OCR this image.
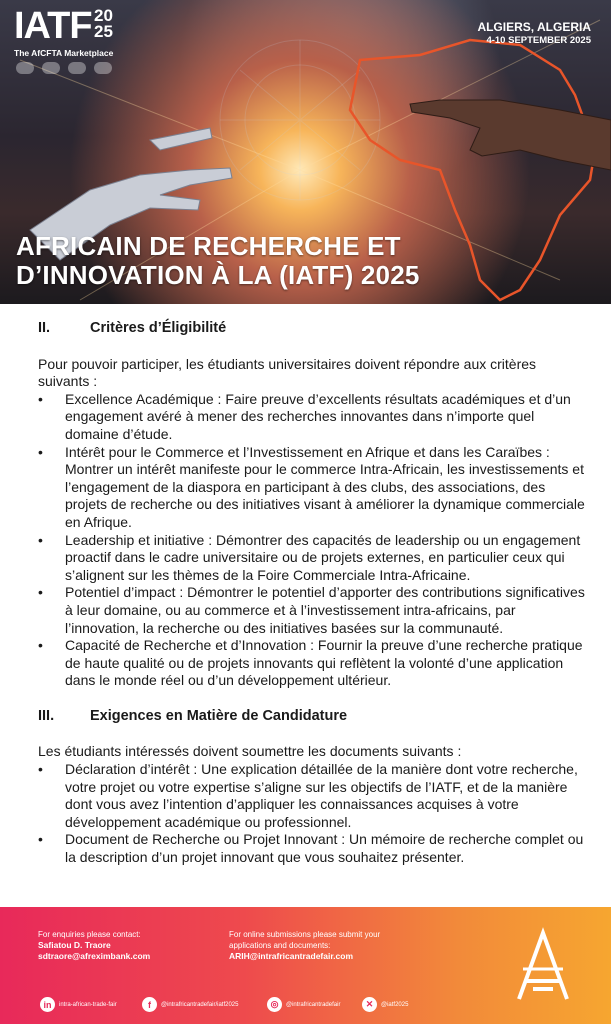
IATF 20 25
The AfCFTA Marketplace
ALGIERS, ALGERIA
4-10 SEPTEMBER 2025
AFRICAIN DE RECHERCHE ET
D’INNOVATION À LA (IATF) 2025
II.	Critères d’Éligibilité

Pour pouvoir participer, les étudiants universitaires doivent répondre aux critères suivants :

• Excellence Académique : Faire preuve d’excellents résultats académiques et d’un engagement avéré à mener des recherches innovantes dans n’importe quel domaine d’étude.
• Intérêt pour le Commerce et l’Investissement en Afrique et dans les Caraïbes : Montrer un intérêt manifeste pour le commerce Intra-Africain, les investissements et l’engagement de la diaspora en participant à des clubs, des associations, des projets de recherche ou des initiatives visant à améliorer la dynamique commerciale en Afrique.
• Leadership et initiative : Démontrer des capacités de leadership ou un engagement proactif dans le cadre universitaire ou de projets externes, en particulier ceux qui s’alignent sur les thèmes de la Foire Commerciale Intra-Africaine.
• Potentiel d’impact : Démontrer le potentiel d’apporter des contributions significatives à leur domaine, ou au commerce et à l’investissement intra-africains, par l’innovation, la recherche ou des initiatives basées sur la communauté.
• Capacité de Recherche et d’Innovation : Fournir la preuve d’une recherche pratique de haute qualité ou de projets innovants qui reflètent la volonté d’une application dans le monde réel ou d’un développement ultérieur.
III.	Exigences en Matière de Candidature

Les étudiants intéressés doivent soumettre les documents suivants :

• Déclaration d’intérêt : Une explication détaillée de la manière dont votre recherche, votre projet ou votre expertise s’aligne sur les objectifs de l’IATF, et de la manière dont vous avez l’intention d’appliquer les connaissances acquises à votre développement académique ou professionnel.
• Document de Recherche ou Projet Innovant : Un mémoire de recherche complet ou la description d’un projet innovant que vous souhaitez présenter.
For enquiries please contact:
Safiatou D. Traore
sdtraore@afreximbank.com
For online submissions please submit your
applications and documents:
ARIH@intrafricantradefair.com
in	intra-african-trade-fair	f	@intrafricantradefair/iatf2025	◎	@intrafricantradefair	✕	@iatf2025
